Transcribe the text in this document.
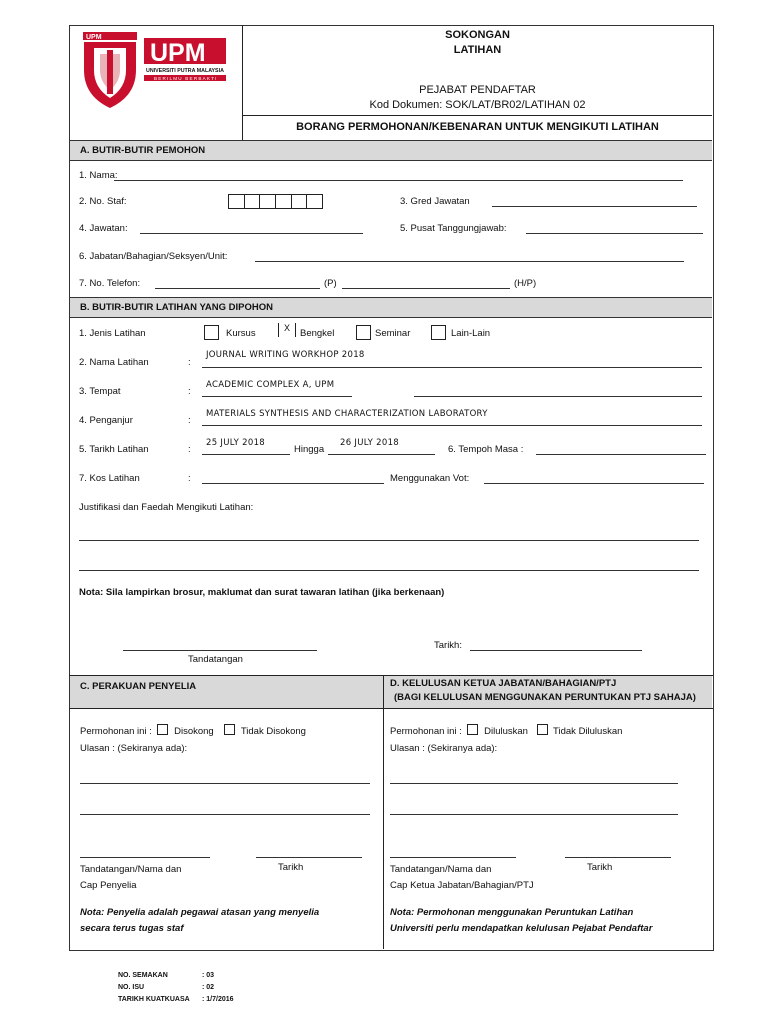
UPM
UPM
UNIVERSITI PUTRA MALAYSIA
BERILMU BERBAKTI
SOKONGAN
LATIHAN
PEJABAT PENDAFTAR
Kod Dokumen: SOK/LAT/BR02/LATIHAN 02
BORANG PERMOHONAN/KEBENARAN UNTUK MENGIKUTI LATIHAN
A. BUTIR-BUTIR PEMOHON
1. Nama:
2. No. Staf:	3. Gred Jawatan
4. Jawatan:	5. Pusat Tanggungjawab:
6. Jabatan/Bahagian/Seksyen/Unit:
7. No. Telefon:	(P)	(H/P)
B. BUTIR-BUTIR LATIHAN YANG DIPOHON
1. Jenis Latihan	Kursus	X	Bengkel	Seminar	Lain-Lain
2. Nama Latihan	:
JOURNAL WRITING WORKHOP 2018
3. Tempat	:
ACADEMIC COMPLEX A, UPM
4. Penganjur	:
MATERIALS SYNTHESIS AND CHARACTERIZATION LABORATORY
5. Tarikh Latihan	:
25 JULY 2018
Hingga
26 JULY 2018
6. Tempoh Masa :
7. Kos Latihan	:	Menggunakan Vot:
Justifikasi dan Faedah Mengikuti Latihan:
Nota: Sila lampirkan brosur, maklumat dan surat tawaran latihan (jika berkenaan)
Tandatangan
Tarikh:
C. PERAKUAN PENYELIA	D. KELULUSAN KETUA JABATAN/BAHAGIAN/PTJ
(BAGI KELULUSAN MENGGUNAKAN PERUNTUKAN PTJ SAHAJA)
Permohonan ini : Disokong	Tidak Disokong
Ulasan : (Sekiranya ada):
Tandatangan/Nama dan
Cap Penyelia
Tarikh
Nota: Penyelia adalah pegawai atasan yang menyelia
secara terus tugas staf
Permohonan ini : Diluluskan	Tidak Diluluskan
Ulasan : (Sekiranya ada):
Tandatangan/Nama dan
Cap Ketua Jabatan/Bahagian/PTJ
Tarikh
Nota: Permohonan menggunakan Peruntukan Latihan
Universiti perlu mendapatkan kelulusan Pejabat Pendaftar
NO. SEMAKAN	: 03
NO. ISU	: 02
TARIKH KUATKUASA : 1/7/2016
